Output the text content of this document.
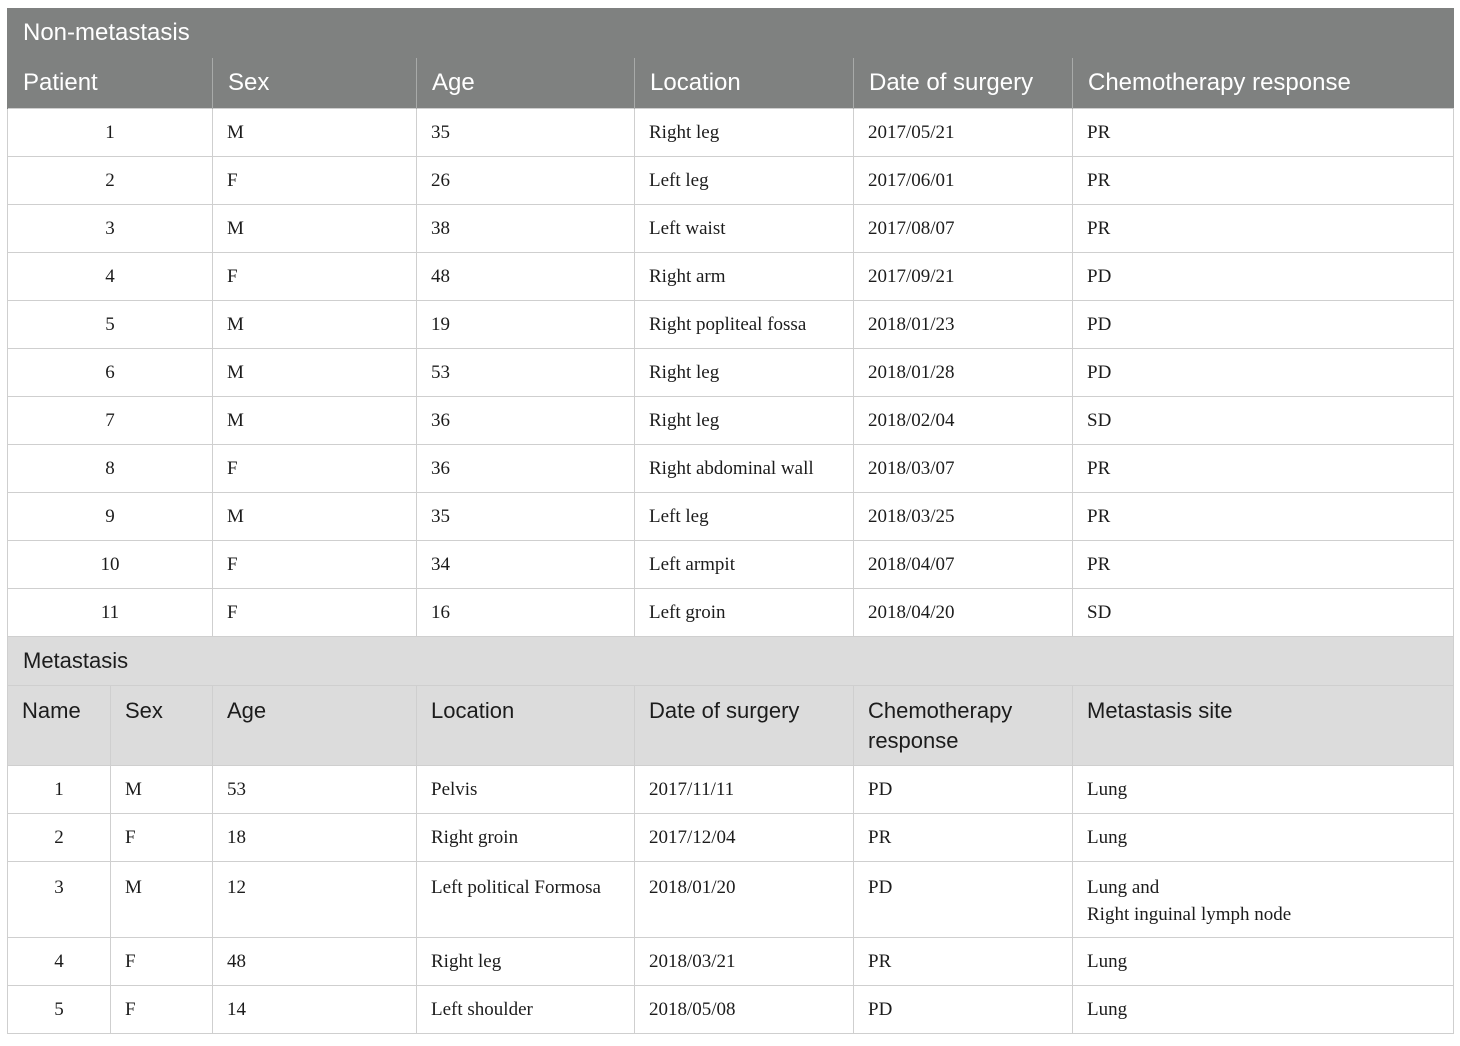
Non-metastasis						
Patient		Sex	Age	Location	Date of surgery	Chemotherapy response
1		M	35	Right leg	2017/05/21	PR
2		F	26	Left leg	2017/06/01	PR
3		M	38	Left waist	2017/08/07	PR
4		F	48	Right arm	2017/09/21	PD
5		M	19	Right popliteal fossa	2018/01/23	PD
6		M	53	Right leg	2018/01/28	PD
7		M	36	Right leg	2018/02/04	SD
8		F	36	Right abdominal wall	2018/03/07	PR
9		M	35	Left leg	2018/03/25	PR
10		F	34	Left armpit	2018/04/07	PR
11		F	16	Left groin	2018/04/20	SD
Metastasis						
Name	Sex	Age	Location	Date of surgery	Chemotherapy
response	Metastasis site
1	M	53	Pelvis	2017/11/11	PD	Lung

2	F	18	Right groin	2017/12/04	PR	Lung

3	M	12	Left political Formosa	2018/01/20	PD	Lung and
Right inguinal lymph node

4	F	48	Right leg	2018/03/21	PR	Lung

5	F	14	Left shoulder	2018/05/08	PD	Lung
